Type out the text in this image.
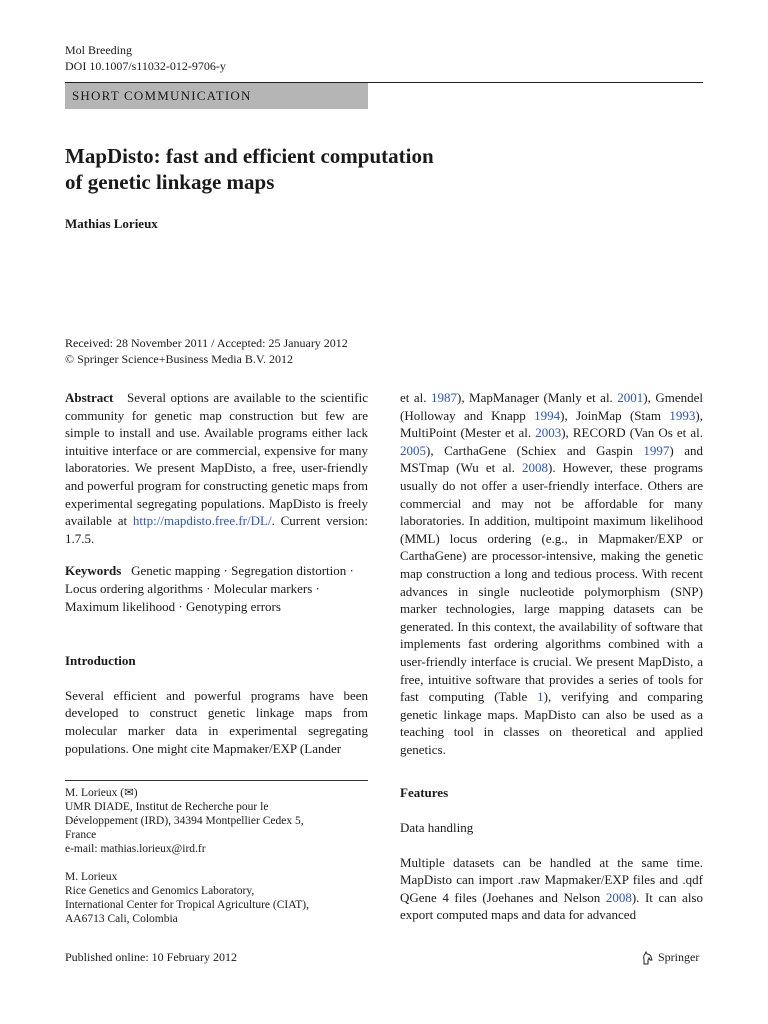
Mol Breeding
DOI 10.1007/s11032-012-9706-y
SHORT COMMUNICATION
MapDisto: fast and efficient computation
of genetic linkage maps
Mathias Lorieux
Received: 28 November 2011 / Accepted: 25 January 2012
© Springer Science+Business Media B.V. 2012

Abstract Several options are available to the scientific community for genetic map construction but few are simple to install and use. Available programs either lack intuitive interface or are commercial, expensive for many laboratories. We present MapDisto, a free, user-friendly and powerful program for constructing genetic maps from experimental segregating populations. MapDisto is freely available at http://mapdisto.free.fr/DL/. Current version: 1.7.5.

Keywords Genetic mapping · Segregation distortion · Locus ordering algorithms · Molecular markers · Maximum likelihood · Genotyping errors

Introduction

Several efficient and powerful programs have been developed to construct genetic linkage maps from molecular marker data in experimental segregating populations. One might cite Mapmaker/EXP (Lander

M. Lorieux (✉)

UMR DIADE, Institut de Recherche pour le

Développement (IRD), 34394 Montpellier Cedex 5,

France

e-mail: mathias.lorieux@ird.fr

M. Lorieux

Rice Genetics and Genomics Laboratory,

International Center for Tropical Agriculture (CIAT),

AA6713 Cali, Colombia

et al. 1987), MapManager (Manly et al. 2001), Gmendel (Holloway and Knapp 1994), JoinMap (Stam 1993), MultiPoint (Mester et al. 2003), RECORD (Van Os et al. 2005), CarthaGene (Schiex and Gaspin 1997) and MSTmap (Wu et al. 2008). However, these programs usually do not offer a user-friendly interface. Others are commercial and may not be affordable for many laboratories. In addition, multipoint maximum likelihood (MML) locus ordering (e.g., in Mapmaker/EXP or CarthaGene) are processor-intensive, making the genetic map construction a long and tedious process. With recent advances in single nucleotide polymorphism (SNP) marker technologies, large mapping datasets can be generated. In this context, the availability of software that implements fast ordering algorithms combined with a user-friendly interface is crucial. We present MapDisto, a free, intuitive software that provides a series of tools for fast computing (Table 1), verifying and comparing genetic linkage maps. MapDisto can also be used as a teaching tool in classes on theoretical and applied genetics.

Features

Data handling

Multiple datasets can be handled at the same time. MapDisto can import .raw Mapmaker/EXP files and .qdf QGene 4 files (Joehanes and Nelson 2008). It can also export computed maps and data for advanced

Published online: 10 February 2012	Springer
